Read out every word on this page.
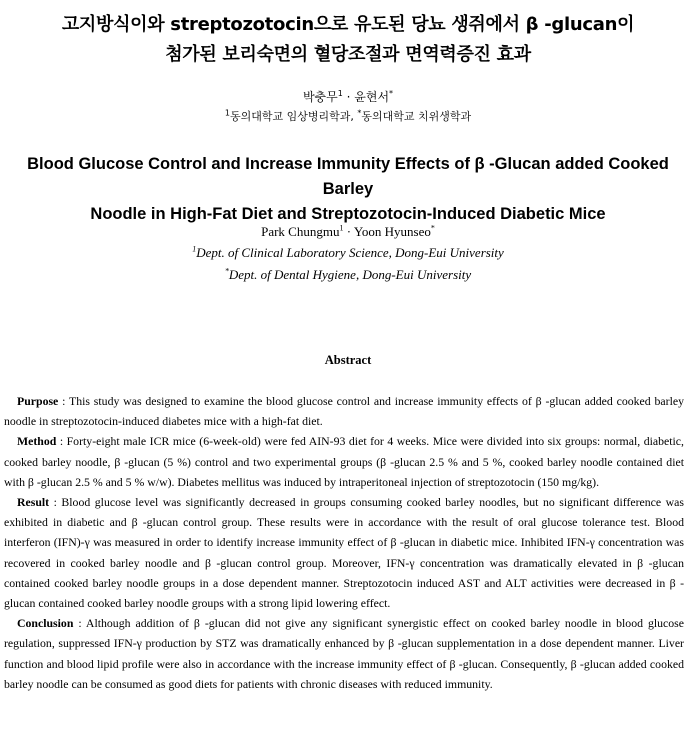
고지방식이와 streptozotocin으로 유도된 당뇨 생쥐에서 β -glucan이
첨가된 보리숙면의 혈당조절과 면역력증진 효과
박충무$^1$ · 윤현서*
$^1$동의대학교 임상병리학과, *동의대학교 치위생학과
Blood Glucose Control and Increase Immunity Effects of β -Glucan added Cooked Barley
Noodle in High-Fat Diet and Streptozotocin-Induced Diabetic Mice
Park Chungmu$^1$ · Yoon Hyunseo*
$^1$Dept. of Clinical Laboratory Science, Dong-Eui University
*Dept. of Dental Hygiene, Dong-Eui University
Abstract

Purpose : This study was designed to examine the blood glucose control and increase immunity effects of β -glucan added cooked barley noodle in streptozotocin-induced diabetes mice with a high-fat diet.

Method : Forty-eight male ICR mice (6-week-old) were fed AIN-93 diet for 4 weeks. Mice were divided into six groups: normal, diabetic, cooked barley noodle, β -glucan (5 %) control and two experimental groups (β -glucan 2.5 % and 5 %, cooked barley noodle contained diet with β -glucan 2.5 % and 5 % w/w). Diabetes mellitus was induced by intraperitoneal injection of streptozotocin (150 mg/kg).

Result : Blood glucose level was significantly decreased in groups consuming cooked barley noodles, but no significant difference was exhibited in diabetic and β -glucan control group. These results were in accordance with the result of oral glucose tolerance test. Blood interferon (IFN)-γ was measured in order to identify increase immunity effect of β -glucan in diabetic mice. Inhibited IFN-γ concentration was recovered in cooked barley noodle and β -glucan control group. Moreover, IFN-γ concentration was dramatically elevated in β -glucan contained cooked barley noodle groups in a dose dependent manner. Streptozotocin induced AST and ALT activities were decreased in β -glucan contained cooked barley noodle groups with a strong lipid lowering effect.

Conclusion : Although addition of β -glucan did not give any significant synergistic effect on cooked barley noodle in blood glucose regulation, suppressed IFN-γ production by STZ was dramatically enhanced by β -glucan supplementation in a dose dependent manner. Liver function and blood lipid profile were also in accordance with the increase immunity effect of β -glucan. Consequently, β -glucan added cooked barley noodle can be consumed as good diets for patients with chronic diseases with reduced immunity.
